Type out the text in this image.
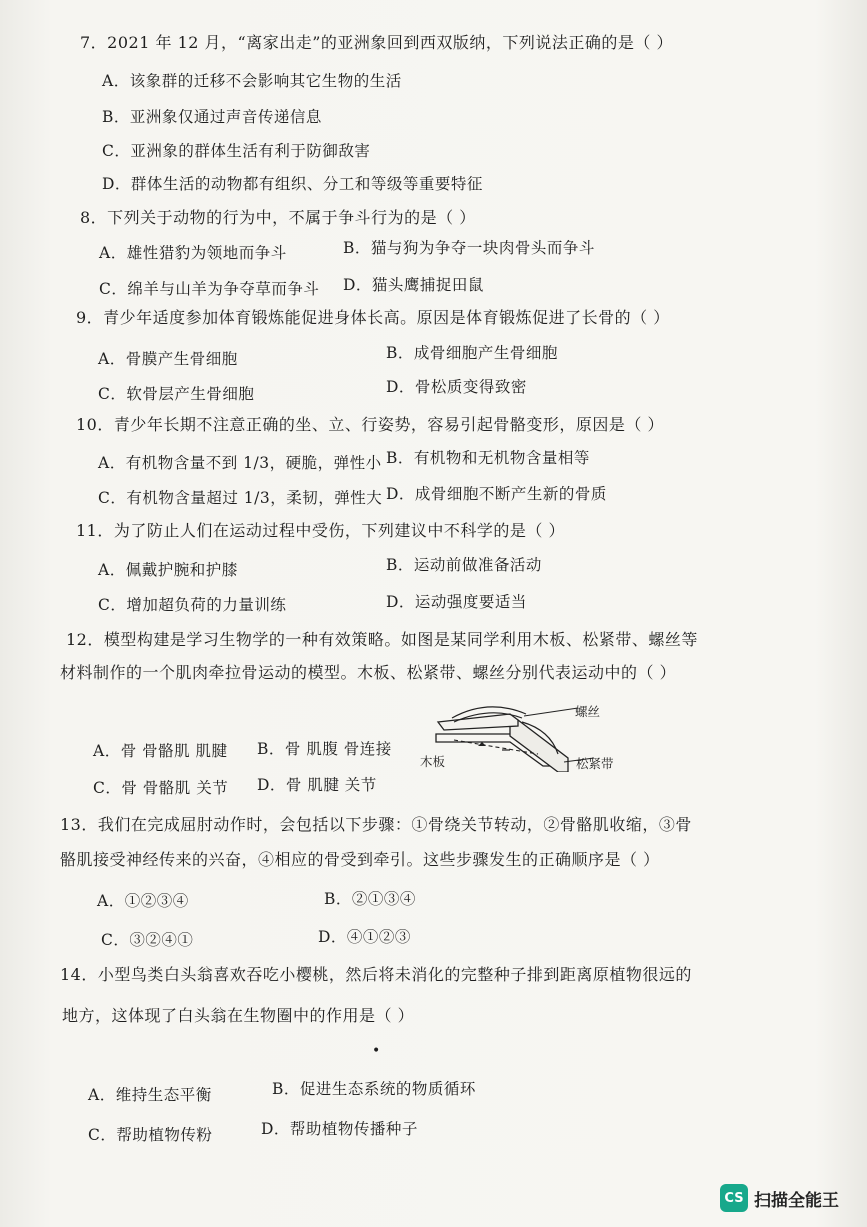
7．2021 年 12 月，“离家出走”的亚洲象回到西双版纳，下列说法正确的是（ ）
A．该象群的迁移不会影响其它生物的生活
B．亚洲象仅通过声音传递信息
C．亚洲象的群体生活有利于防御敌害
D．群体生活的动物都有组织、分工和等级等重要特征
8．下列关于动物的行为中，不属于争斗行为的是（ ）
A．雄性猎豹为领地而争斗	B．猫与狗为争夺一块肉骨头而争斗
C．绵羊与山羊为争夺草而争斗 D．猫头鹰捕捉田鼠
9．青少年适度参加体育锻炼能促进身体长高。原因是体育锻炼促进了长骨的（ ）
A．骨膜产生骨细胞	B．成骨细胞产生骨细胞
C．软骨层产生骨细胞	D．骨松质变得致密
10．青少年长期不注意正确的坐、立、行姿势，容易引起骨骼变形，原因是（ ）
A．有机物含量不到 1/3，硬脆，弹性小 B．有机物和无机物含量相等
C．有机物含量超过 1/3，柔韧，弹性大 D．成骨细胞不断产生新的骨质
11．为了防止人们在运动过程中受伤，下列建议中不科学的是（ ）
A．佩戴护腕和护膝	B．运动前做准备活动
C．增加超负荷的力量训练	D．运动强度要适当
12．模型构建是学习生物学的一种有效策略。如图是某同学利用木板、松紧带、螺丝等
材料制作的一个肌肉牵拉骨运动的模型。木板、松紧带、螺丝分别代表运动中的（ ）
A．骨 骨骼肌 肌腱 B．骨 肌腹 骨连接
C．骨 骨骼肌 关节 D．骨 肌腱 关节
螺丝
木板	松紧带
13．我们在完成屈肘动作时，会包括以下步骤：①骨绕关节转动，②骨骼肌收缩，③骨
骼肌接受神经传来的兴奋，④相应的骨受到牵引。这些步骤发生的正确顺序是（ ）
A．①②③④	B．②①③④
C．③②④①	D．④①②③
14．小型鸟类白头翁喜欢吞吃小樱桃，然后将未消化的完整种子排到距离原植物很远的
地方，这体现了白头翁在生物圈中的作用是（ ）
•
A．维持生态平衡	B．促进生态系统的物质循环
C．帮助植物传粉	D．帮助植物传播种子
CS 扫描全能王
